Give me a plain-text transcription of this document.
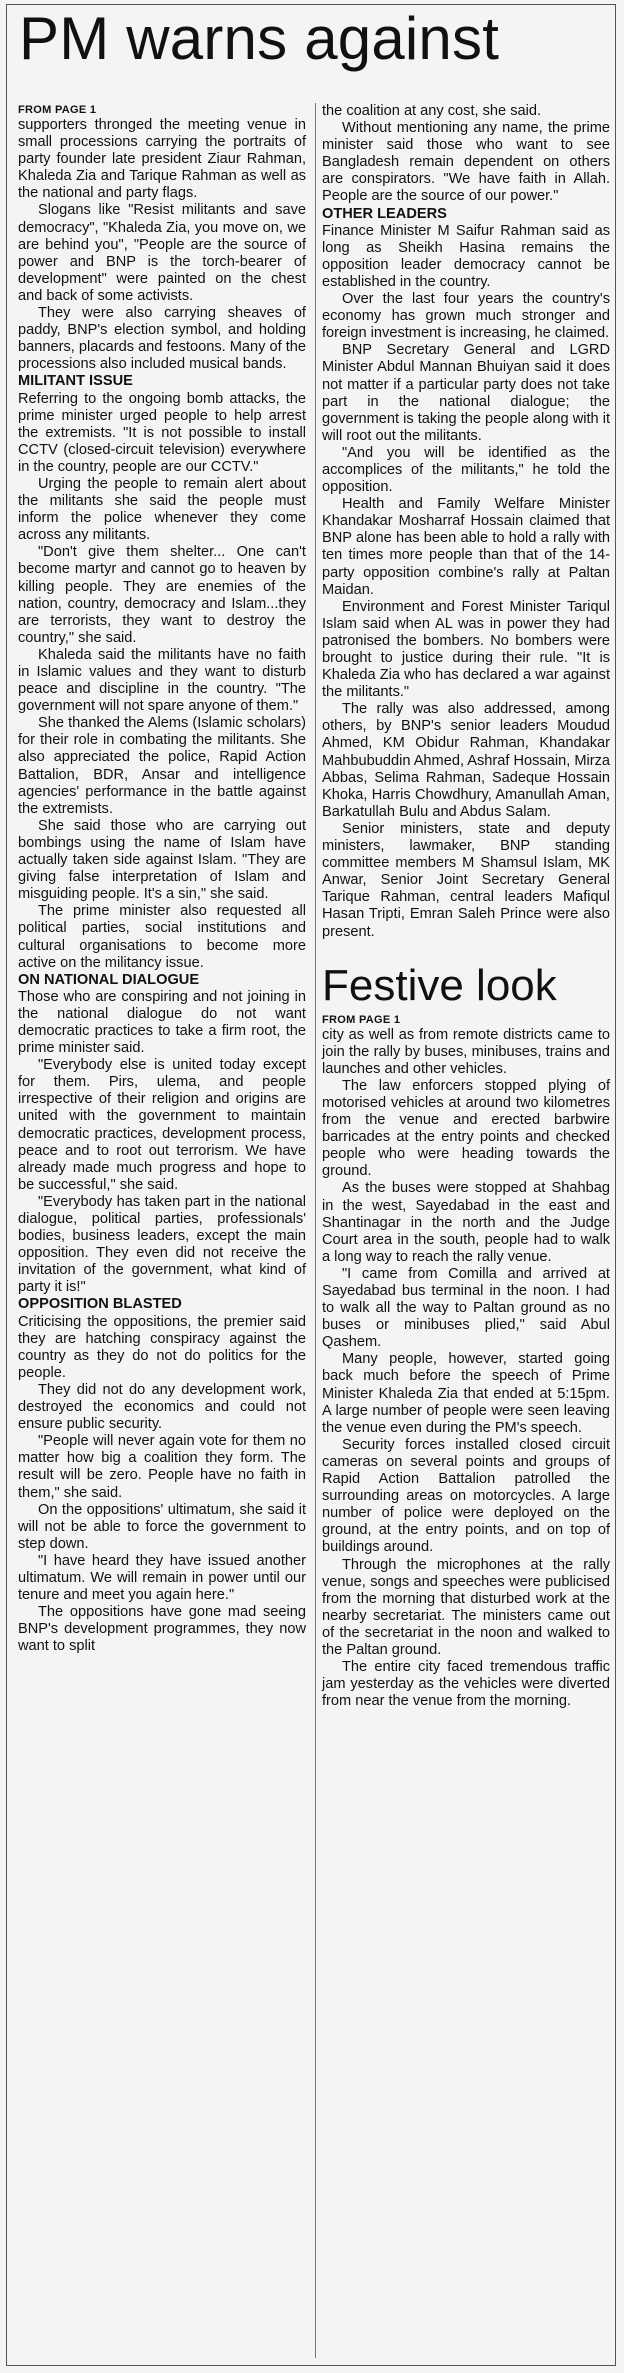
PM warns against
FROM PAGE 1

supporters thronged the meeting venue in small processions carrying the portraits of party founder late president Ziaur Rahman, Khaleda Zia and Tarique Rahman as well as the national and party flags.

Slogans like "Resist militants and save democracy", "Khaleda Zia, you move on, we are behind you", "People are the source of power and BNP is the torch-bearer of development" were painted on the chest and back of some activists.

They were also carrying sheaves of paddy, BNP's election symbol, and holding banners, placards and festoons. Many of the processions also included musical bands.

MILITANT ISSUE

Referring to the ongoing bomb attacks, the prime minister urged people to help arrest the extremists. "It is not possible to install CCTV (closed-circuit television) everywhere in the country, people are our CCTV."

Urging the people to remain alert about the militants she said the people must inform the police whenever they come across any militants.

"Don't give them shelter... One can't become martyr and cannot go to heaven by killing people. They are enemies of the nation, country, democracy and Islam...they are terrorists, they want to destroy the country," she said.

Khaleda said the militants have no faith in Islamic values and they want to disturb peace and discipline in the country. "The government will not spare anyone of them."

She thanked the Alems (Islamic scholars) for their role in combating the militants. She also appreciated the police, Rapid Action Battalion, BDR, Ansar and intelligence agencies' performance in the battle against the extremists.

She said those who are carrying out bombings using the name of Islam have actually taken side against Islam. "They are giving false interpretation of Islam and misguiding people. It's a sin," she said.

The prime minister also requested all political parties, social institutions and cultural organisations to become more active on the militancy issue.

ON NATIONAL DIALOGUE

Those who are conspiring and not joining in the national dialogue do not want democratic practices to take a firm root, the prime minister said.

"Everybody else is united today except for them. Pirs, ulema, and people irrespective of their religion and origins are united with the government to maintain democratic practices, development process, peace and to root out terrorism. We have already made much progress and hope to be successful," she said.

"Everybody has taken part in the national dialogue, political parties, professionals' bodies, business leaders, except the main opposition. They even did not receive the invitation of the government, what kind of party it is!"

OPPOSITION BLASTED

Criticising the oppositions, the premier said they are hatching conspiracy against the country as they do not do politics for the people.

They did not do any development work, destroyed the economics and could not ensure public security.

"People will never again vote for them no matter how big a coalition they form. The result will be zero. People have no faith in them," she said.

On the oppositions' ultimatum, she said it will not be able to force the government to step down.

"I have heard they have issued another ultimatum. We will remain in power until our tenure and meet you again here."

The oppositions have gone mad seeing BNP's development programmes, they now want to split

the coalition at any cost, she said.

Without mentioning any name, the prime minister said those who want to see Bangladesh remain dependent on others are conspirators. "We have faith in Allah. People are the source of our power."

OTHER LEADERS

Finance Minister M Saifur Rahman said as long as Sheikh Hasina remains the opposition leader democracy cannot be established in the country.

Over the last four years the country's economy has grown much stronger and foreign investment is increasing, he claimed.

BNP Secretary General and LGRD Minister Abdul Mannan Bhuiyan said it does not matter if a particular party does not take part in the national dialogue; the government is taking the people along with it will root out the militants.

"And you will be identified as the accomplices of the militants," he told the opposition.

Health and Family Welfare Minister Khandakar Mosharraf Hossain claimed that BNP alone has been able to hold a rally with ten times more people than that of the 14-party opposition combine's rally at Paltan Maidan.

Environment and Forest Minister Tariqul Islam said when AL was in power they had patronised the bombers. No bombers were brought to justice during their rule. "It is Khaleda Zia who has declared a war against the militants."

The rally was also addressed, among others, by BNP's senior leaders Moudud Ahmed, KM Obidur Rahman, Khandakar Mahbubuddin Ahmed, Ashraf Hossain, Mirza Abbas, Selima Rahman, Sadeque Hossain Khoka, Harris Chowdhury, Amanullah Aman, Barkatullah Bulu and Abdus Salam.

Senior ministers, state and deputy ministers, lawmaker, BNP standing committee members M Shamsul Islam, MK Anwar, Senior Joint Secretary General Tarique Rahman, central leaders Mafiqul Hasan Tripti, Emran Saleh Prince were also present.

Festive look
FROM PAGE 1

city as well as from remote districts came to join the rally by buses, minibuses, trains and launches and other vehicles.

The law enforcers stopped plying of motorised vehicles at around two kilometres from the venue and erected barbwire barricades at the entry points and checked people who were heading towards the ground.

As the buses were stopped at Shahbag in the west, Sayedabad in the east and Shantinagar in the north and the Judge Court area in the south, people had to walk a long way to reach the rally venue.

"I came from Comilla and arrived at Sayedabad bus terminal in the noon. I had to walk all the way to Paltan ground as no buses or minibuses plied," said Abul Qashem.

Many people, however, started going back much before the speech of Prime Minister Khaleda Zia that ended at 5:15pm. A large number of people were seen leaving the venue even during the PM's speech.

Security forces installed closed circuit cameras on several points and groups of Rapid Action Battalion patrolled the surrounding areas on motorcycles. A large number of police were deployed on the ground, at the entry points, and on top of buildings around.

Through the microphones at the rally venue, songs and speeches were publicised from the morning that disturbed work at the nearby secretariat. The ministers came out of the secretariat in the noon and walked to the Paltan ground.

The entire city faced tremendous traffic jam yesterday as the vehicles were diverted from near the venue from the morning.
